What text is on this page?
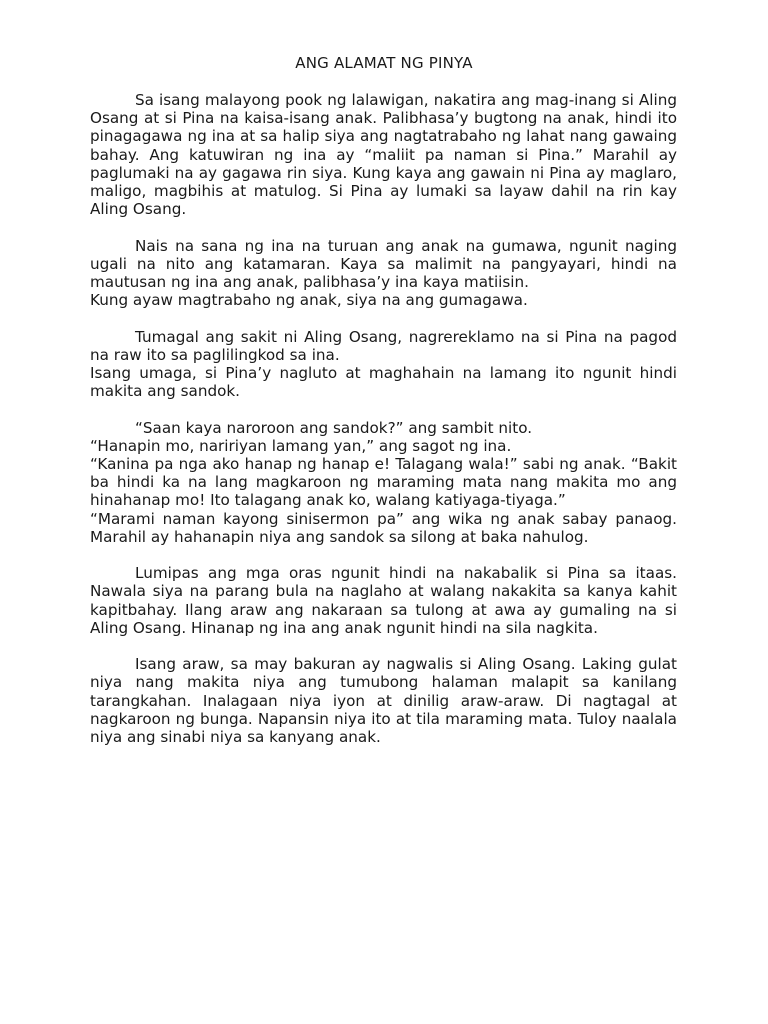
ANG ALAMAT NG PINYA

Sa isang malayong pook ng lalawigan, nakatira ang mag-inang si Aling Osang at si Pina na kaisa-isang anak. Palibhasa’y bugtong na anak, hindi ito pinagagawa ng ina at sa halip siya ang nagtatrabaho ng lahat nang gawaing bahay. Ang katuwiran ng ina ay “maliit pa naman si Pina.” Marahil ay paglumaki na ay gagawa rin siya. Kung kaya ang gawain ni Pina ay maglaro, maligo, magbihis at matulog. Si Pina ay lumaki sa layaw dahil na rin kay Aling Osang.

Nais na sana ng ina na turuan ang anak na gumawa, ngunit naging ugali na nito ang katamaran. Kaya sa malimit na pangyayari, hindi na mautusan ng ina ang anak, palibhasa’y ina kaya matiisin.

Kung ayaw magtrabaho ng anak, siya na ang gumagawa.

Tumagal ang sakit ni Aling Osang, nagrereklamo na si Pina na pagod na raw ito sa paglilingkod sa ina.

Isang umaga, si Pina’y nagluto at maghahain na lamang ito ngunit hindi makita ang sandok.

“Saan kaya naroroon ang sandok?” ang sambit nito.

“Hanapin mo, naririyan lamang yan,” ang sagot ng ina.

“Kanina pa nga ako hanap ng hanap e! Talagang wala!” sabi ng anak. “Bakit ba hindi ka na lang magkaroon ng maraming mata nang makita mo ang hinahanap mo! Ito talagang anak ko, walang katiyaga-tiyaga.”

“Marami naman kayong sinisermon pa” ang wika ng anak sabay panaog. Marahil ay hahanapin niya ang sandok sa silong at baka nahulog.

Lumipas ang mga oras ngunit hindi na nakabalik si Pina sa itaas. Nawala siya na parang bula na naglaho at walang nakakita sa kanya kahit kapitbahay. Ilang araw ang nakaraan sa tulong at awa ay gumaling na si Aling Osang. Hinanap ng ina ang anak ngunit hindi na sila nagkita.

Isang araw, sa may bakuran ay nagwalis si Aling Osang. Laking gulat niya nang makita niya ang tumubong halaman malapit sa kanilang tarangkahan. Inalagaan niya iyon at dinilig araw-araw. Di nagtagal at nagkaroon ng bunga. Napansin niya ito at tila maraming mata. Tuloy naalala niya ang sinabi niya sa kanyang anak.
